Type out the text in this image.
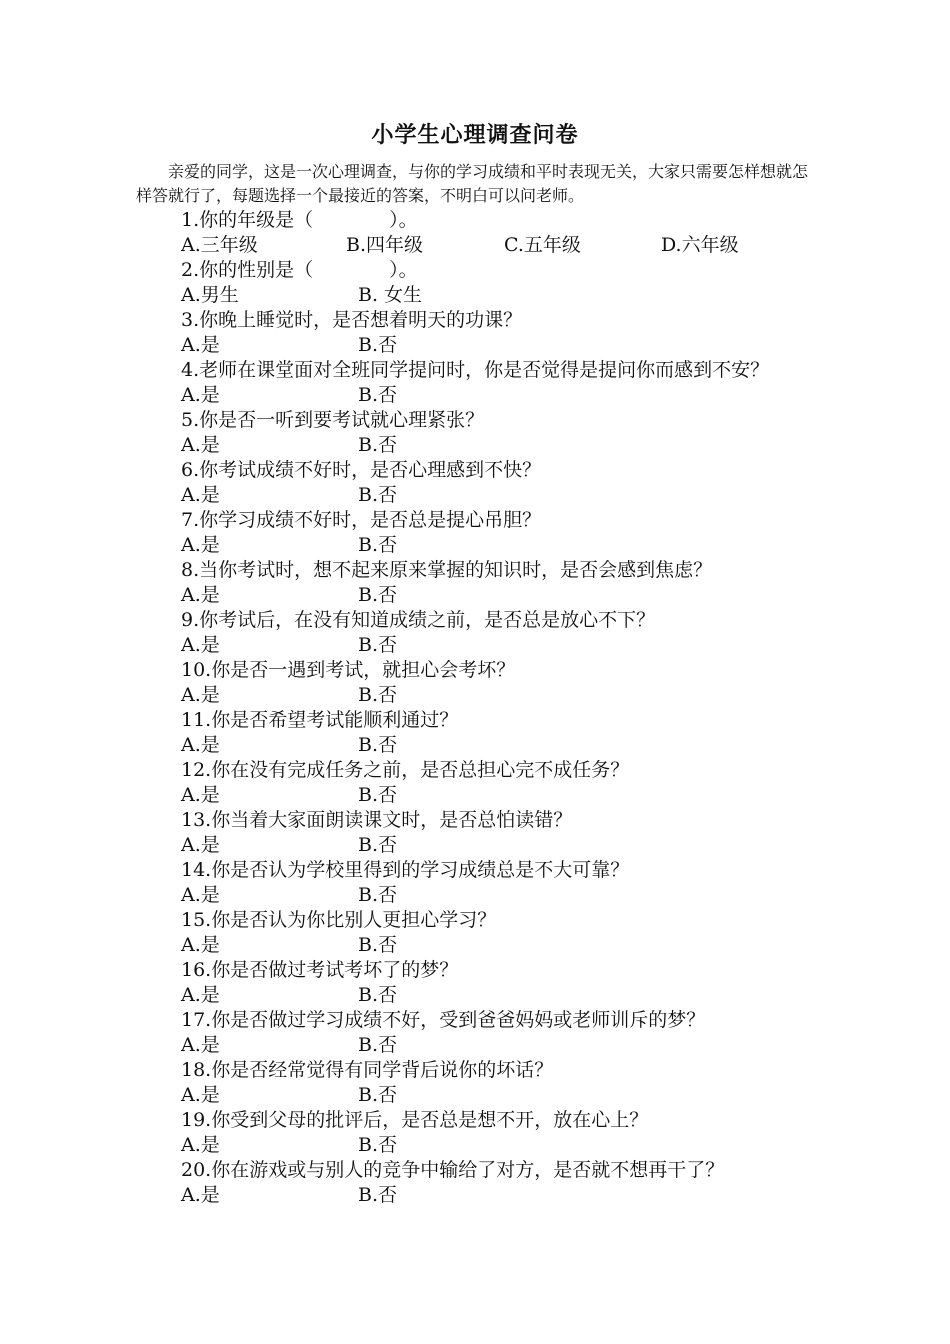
小学生心理调查问卷
亲爱的同学，这是一次心理调查，与你的学习成绩和平时表现无关，大家只需要怎样想就怎样答就行了，每题选择一个最接近的答案，不明白可以问老师。
1.你的年级是（　　　　）。
A.三年级	B.四年级	C.五年级	D.六年级
2.你的性别是（　　　　）。
A.男生	B. 女生
3.你晚上睡觉时，是否想着明天的功课？
A.是	B.否
4.老师在课堂面对全班同学提问时，你是否觉得是提问你而感到不安？
A.是	B.否
5.你是否一听到要考试就心理紧张？
A.是	B.否
6.你考试成绩不好时，是否心理感到不快？
A.是	B.否
7.你学习成绩不好时，是否总是提心吊胆？
A.是	B.否
8.当你考试时，想不起来原来掌握的知识时，是否会感到焦虑？
A.是	B.否
9.你考试后，在没有知道成绩之前，是否总是放心不下？
A.是	B.否
10.你是否一遇到考试，就担心会考坏？
A.是	B.否
11.你是否希望考试能顺利通过？
A.是	B.否
12.你在没有完成任务之前，是否总担心完不成任务？
A.是	B.否
13.你当着大家面朗读课文时，是否总怕读错？
A.是	B.否
14.你是否认为学校里得到的学习成绩总是不大可靠？
A.是	B.否
15.你是否认为你比别人更担心学习？
A.是	B.否
16.你是否做过考试考坏了的梦？
A.是	B.否
17.你是否做过学习成绩不好，受到爸爸妈妈或老师训斥的梦？
A.是	B.否
18.你是否经常觉得有同学背后说你的坏话？
A.是	B.否
19.你受到父母的批评后，是否总是想不开，放在心上？
A.是	B.否
20.你在游戏或与别人的竞争中输给了对方，是否就不想再干了？
A.是	B.否
